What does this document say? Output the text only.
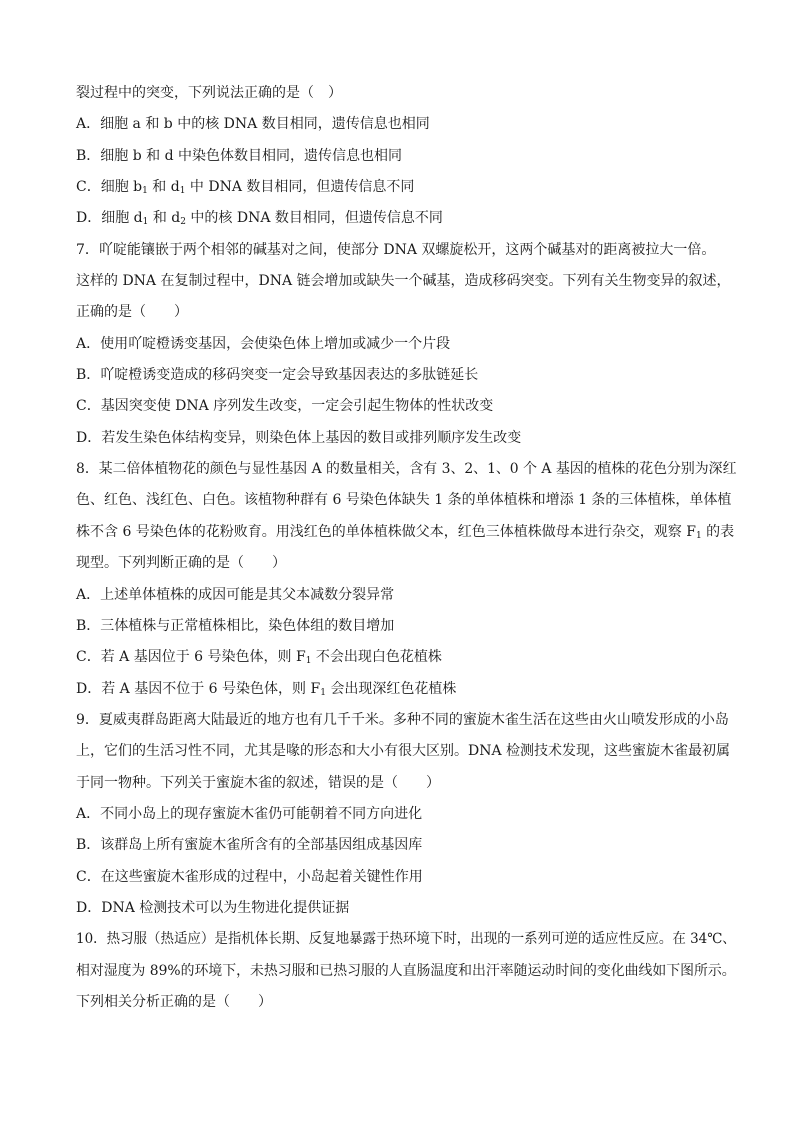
裂过程中的突变，下列说法正确的是（　）
A．细胞 a 和 b 中的核 DNA 数目相同，遗传信息也相同
B．细胞 b 和 d 中染色体数目相同，遗传信息也相同
C．细胞 $b_1$ 和 $d_1$ 中 DNA 数目相同，但遗传信息不同
D．细胞 $d_1$ 和 $d_2$ 中的核 DNA 数目相同，但遗传信息不同
7．吖啶能镶嵌于两个相邻的碱基对之间，使部分 DNA 双螺旋松开，这两个碱基对的距离被拉大一倍。
这样的 DNA 在复制过程中，DNA 链会增加或缺失一个碱基，造成移码突变。下列有关生物变异的叙述，
正确的是（　　）
A．使用吖啶橙诱变基因，会使染色体上增加或减少一个片段
B．吖啶橙诱变造成的移码突变一定会导致基因表达的多肽链延长
C．基因突变使 DNA 序列发生改变，一定会引起生物体的性状改变
D．若发生染色体结构变异，则染色体上基因的数目或排列顺序发生改变
8．某二倍体植物花的颜色与显性基因 A 的数量相关，含有 3、2、1、0 个 A 基因的植株的花色分别为深红
色、红色、浅红色、白色。该植物种群有 6 号染色体缺失 1 条的单体植株和增添 1 条的三体植株，单体植
株不含 6 号染色体的花粉败育。用浅红色的单体植株做父本，红色三体植株做母本进行杂交，观察 $F_1$ 的表
现型。下列判断正确的是（　　）
A．上述单体植株的成因可能是其父本减数分裂异常
B．三体植株与正常植株相比，染色体组的数目增加
C．若 A 基因位于 6 号染色体，则 $F_1$ 不会出现白色花植株
D．若 A 基因不位于 6 号染色体，则 $F_1$ 会出现深红色花植株
9．夏威夷群岛距离大陆最近的地方也有几千千米。多种不同的蜜旋木雀生活在这些由火山喷发形成的小岛
上，它们的生活习性不同，尤其是喙的形态和大小有很大区别。DNA 检测技术发现，这些蜜旋木雀最初属
于同一物种。下列关于蜜旋木雀的叙述，错误的是（　　）
A．不同小岛上的现存蜜旋木雀仍可能朝着不同方向进化
B．该群岛上所有蜜旋木雀所含有的全部基因组成基因库
C．在这些蜜旋木雀形成的过程中，小岛起着关键性作用
D．DNA 检测技术可以为生物进化提供证据
10．热习服（热适应）是指机体长期、反复地暴露于热环境下时，出现的一系列可逆的适应性反应。在 34℃、
相对湿度为 89%的环境下，未热习服和已热习服的人直肠温度和出汗率随运动时间的变化曲线如下图所示。
下列相关分析正确的是（　　）
